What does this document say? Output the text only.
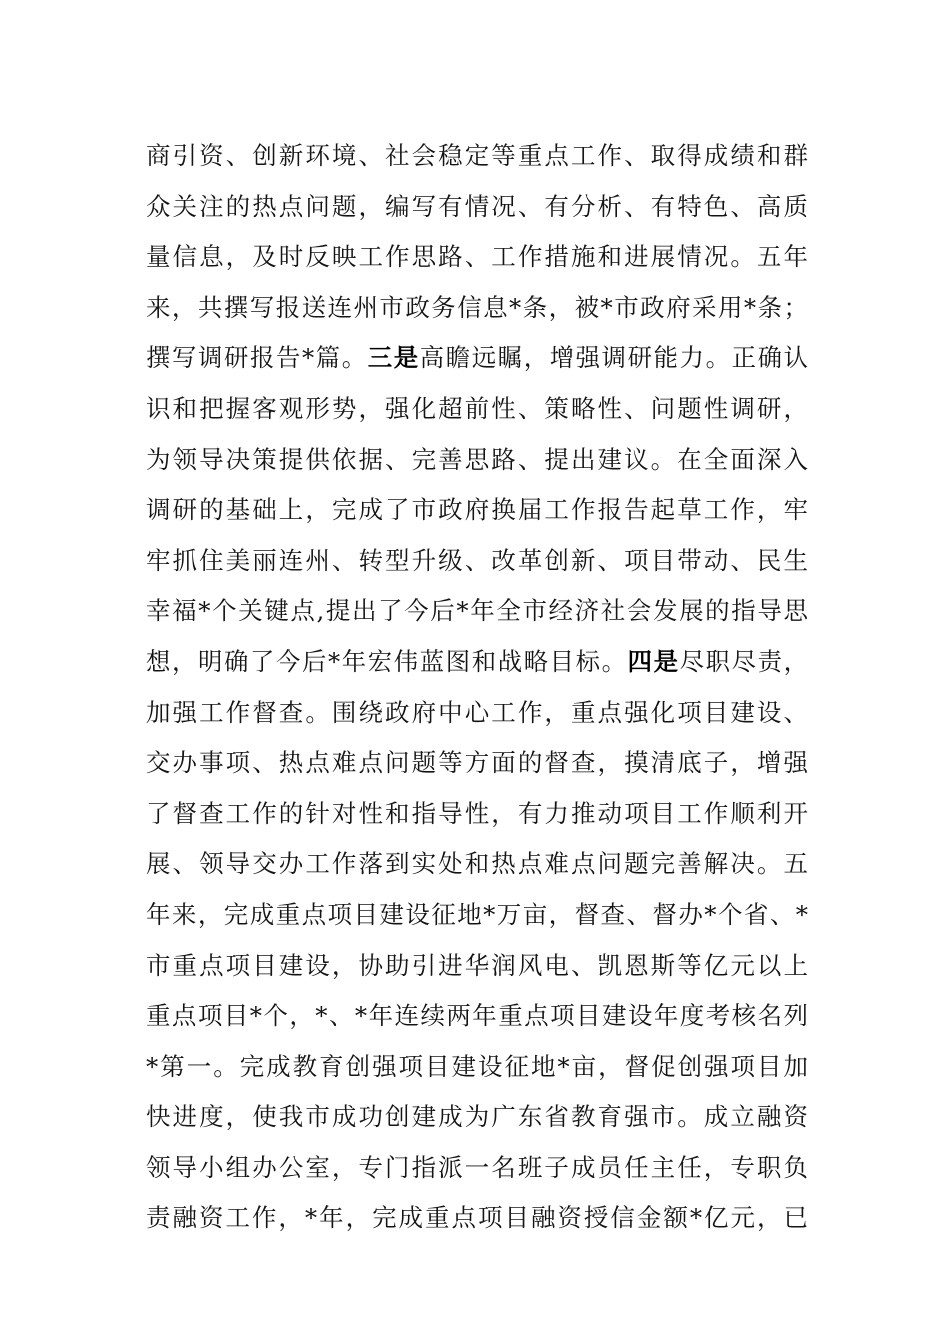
商引资、创新环境、社会稳定等重点工作、取得成绩和群
众关注的热点问题，编写有情况、有分析、有特色、高质
量信息，及时反映工作思路、工作措施和进展情况。五年
来，共撰写报送连州市政务信息*条，被*市政府采用*条；
撰写调研报告*篇。三是高瞻远瞩，增强调研能力。正确认
识和把握客观形势，强化超前性、策略性、问题性调研，
为领导决策提供依据、完善思路、提出建议。在全面深入
调研的基础上，完成了市政府换届工作报告起草工作，牢
牢抓住美丽连州、转型升级、改革创新、项目带动、民生
幸福*个关键点,提出了今后*年全市经济社会发展的指导思
想，明确了今后*年宏伟蓝图和战略目标。四是尽职尽责，
加强工作督查。围绕政府中心工作，重点强化项目建设、
交办事项、热点难点问题等方面的督查，摸清底子，增强
了督查工作的针对性和指导性，有力推动项目工作顺利开
展、领导交办工作落到实处和热点难点问题完善解决。五
年来，完成重点项目建设征地*万亩，督查、督办*个省、*
市重点项目建设，协助引进华润风电、凯恩斯等亿元以上
重点项目*个，*、*年连续两年重点项目建设年度考核名列
*第一。完成教育创强项目建设征地*亩，督促创强项目加
快进度，使我市成功创建成为广东省教育强市。成立融资
领导小组办公室，专门指派一名班子成员任主任，专职负
责融资工作，*年，完成重点项目融资授信金额*亿元，已
